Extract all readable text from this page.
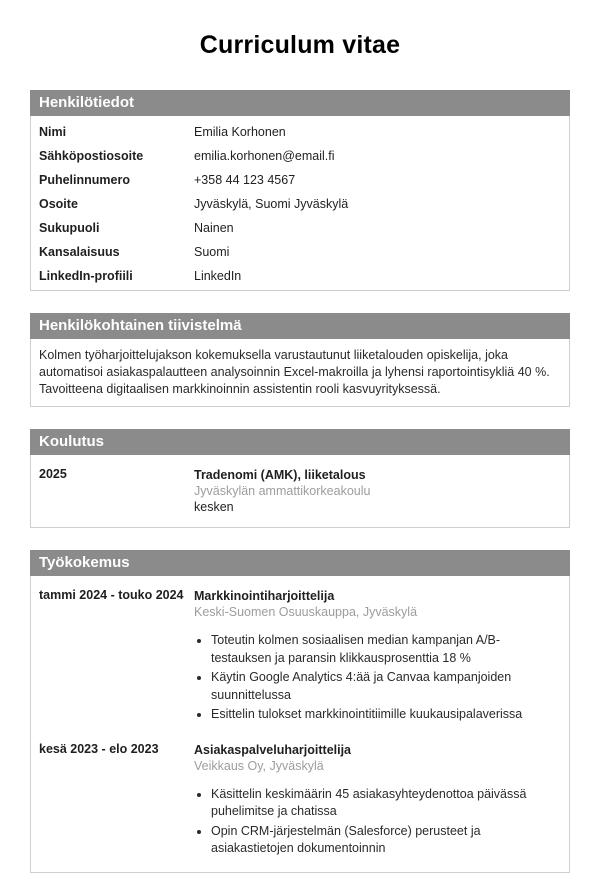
Curriculum vitae
Henkilötiedot
Nimi	Emilia Korhonen
Sähköpostiosoite	emilia.korhonen@email.fi
Puhelinnumero	+358 44 123 4567
Osoite	Jyväskylä, Suomi Jyväskylä
Sukupuoli	Nainen
Kansalaisuus	Suomi
LinkedIn-profiili	LinkedIn
Henkilökohtainen tiivistelmä

Kolmen työharjoittelujakson kokemuksella varustautunut liiketalouden opiskelija, joka automatisoi asiakaspalautteen analysoinnin Excel-makroilla ja lyhensi raportointisykliä 40 %. Tavoitteena digitaalisen markkinoinnin assistentin rooli kasvuyrityksessä.

Koulutus
2025	Tradenomi (AMK), liiketalous
Jyväskylän ammattikorkeakoulu
kesken
Työkokemus
tammi 2024 - touko 2024 Markkinointiharjoittelija
Keski-Suomen Osuuskauppa, Jyväskylä
• Toteutin kolmen sosiaalisen median kampanjan A/B-testauksen ja paransin klikkausprosenttia 18 %
• Käytin Google Analytics 4:ää ja Canvaa kampanjoiden suunnittelussa
• Esittelin tulokset markkinointitiimille kuukausipalaverissa
kesä 2023 - elo 2023	Asiakaspalveluharjoittelija
Veikkaus Oy, Jyväskylä
• Käsittelin keskimäärin 45 asiakasyhteydenottoa päivässä puhelimitse ja chatissa
• Opin CRM-järjestelmän (Salesforce) perusteet ja asiakastietojen dokumentoinnin
